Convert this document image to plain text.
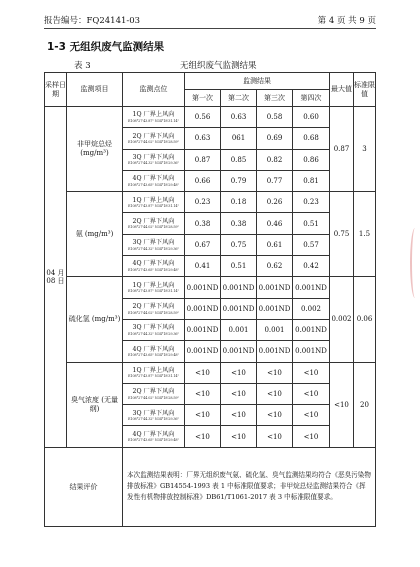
报告编号：FQ24141-03	第 4 页 共 9 页
1-3 无组织废气监测结果
表 3	无组织废气监测结果
采样日期	监测项目	监测点位	监测结果				最大值	标准限值
			第一次	第二次	第三次	第四次		
04 月 08 日	非甲烷总烃 (mg/m³)	1Q 厂界上风向
E108°27'43.87" N34°18'31.14"	0.56	0.63	0.58	0.60	0.87	3
		2Q 厂界下风向
E108°27'44.02" N34°18'28.59"	0.63	061	0.69	0.68		
		3Q 厂界下风向
E108°27'44.32" N34°18'29.36"	0.87	0.85	0.82	0.86		
		4Q 厂界下风向
E108°27'43.65" N34°18'29.48"	0.66	0.79	0.77	0.81		
	氨 (mg/m³)	1Q 厂界上风向
E108°27'43.87" N34°18'31.14"	0.23	0.18	0.26	0.23	0.75	1.5
		2Q 厂界下风向
E108°27'44.02" N34°18'28.59"	0.38	0.38	0.46	0.51		
		3Q 厂界下风向
E108°27'44.32" N34°18'29.36"	0.67	0.75	0.61	0.57		
		4Q 厂界下风向
E108°27'43.65" N34°18'29.48"	0.41	0.51	0.62	0.42		
	硫化氢 (mg/m³)	1Q 厂界上风向
E108°27'43.87" N34°18'31.14"	0.001ND	0.001ND	0.001ND	0.001ND	0.002	0.06
		2Q 厂界下风向
E108°27'44.02" N34°18'28.59"	0.001ND	0.001ND	0.001ND	0.002		
		3Q 厂界下风向
E108°27'44.32" N34°18'29.36"	0.001ND	0.001	0.001	0.001ND		
		4Q 厂界下风向
E108°27'43.65" N34°18'29.48"	0.001ND	0.001ND	0.001ND	0.001ND		
	臭气浓度 (无量纲)	1Q 厂界上风向
E108°27'43.87" N34°18'31.14"	<10	<10	<10	<10	<10	20
		2Q 厂界下风向
E108°27'44.02" N34°18'28.59"	<10	<10	<10	<10		
		3Q 厂界下风向
E108°27'44.32" N34°18'29.36"	<10	<10	<10	<10		
		4Q 厂界下风向
E108°27'43.65" N34°18'29.48"	<10	<10	<10	<10		
结果评价		本次监测结果表明：厂界无组织废气氨、硫化氢、臭气监测结果均符合《恶臭污染物排放标准》GB14554-1993 表 1 中标准限值要求；非甲烷总烃监测结果符合《挥发性有机物排放控制标准》DB61/T1061-2017 表 3 中标准限值要求。						
